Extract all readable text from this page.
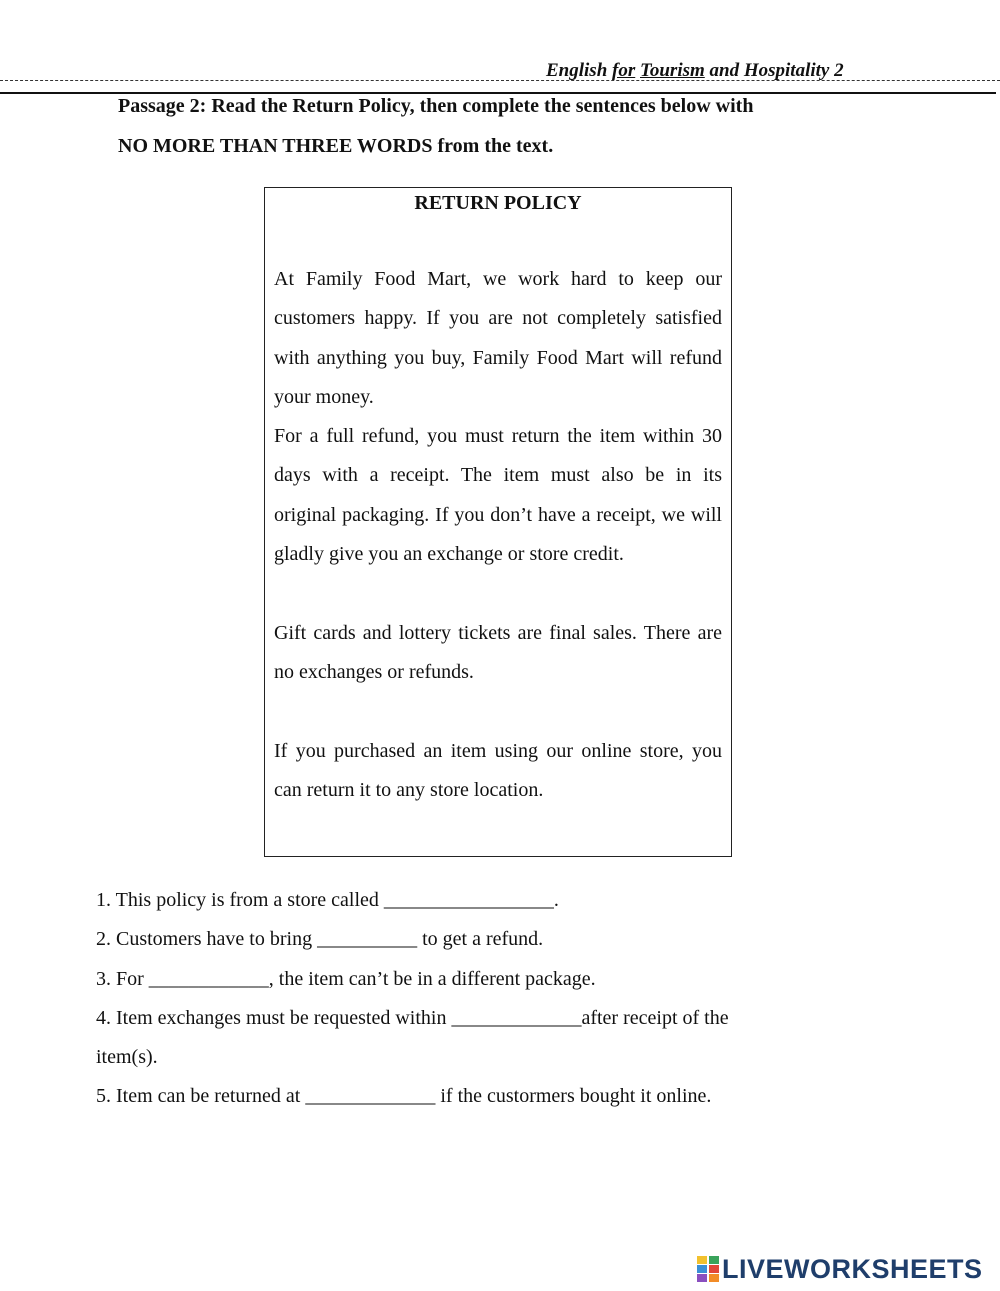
English for Tourism and Hospitality 2
Passage 2: Read the Return Policy, then complete the sentences below with
NO MORE THAN THREE WORDS from the text.
RETURN POLICY

At Family Food Mart, we work hard to keep our customers happy. If you are not completely satisfied with anything you buy, Family Food Mart will refund your money.

For a full refund, you must return the item within 30 days with a receipt. The item must also be in its original packaging. If you don’t have a receipt, we will gladly give you an exchange or store credit.

Gift cards and lottery tickets are final sales. There are no exchanges or refunds.

If you purchased an item using our online store, you can return it to any store location.

1. This policy is from a store called _________________.
2. Customers have to bring __________ to get a refund.
3. For ____________, the item can’t be in a different package.
4. Item exchanges must be requested within _____________after receipt of the
item(s).
5. Item can be returned at _____________ if the custormers bought it online.
LIVEWORKSHEETS
